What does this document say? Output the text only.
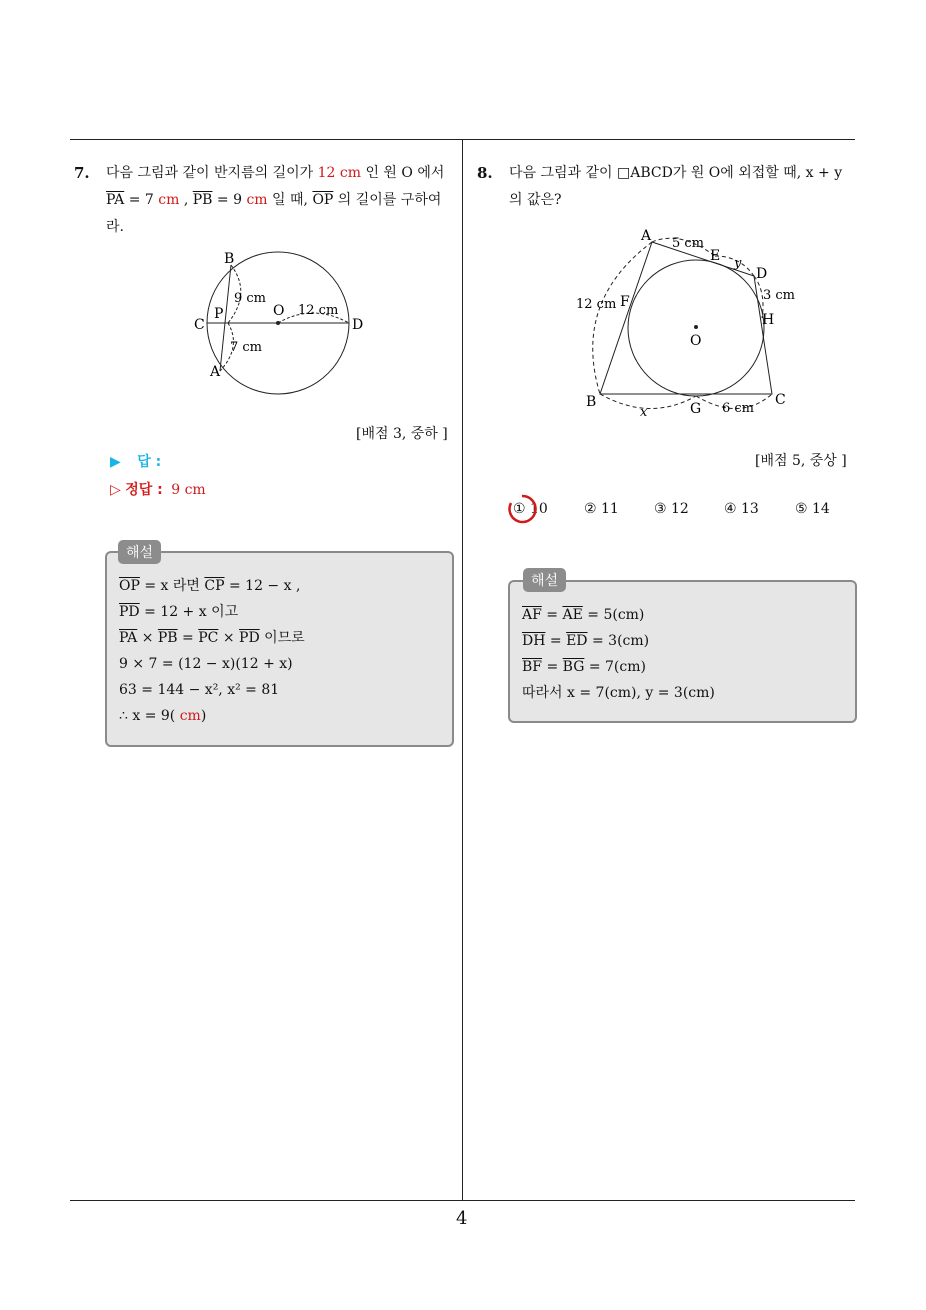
7. 다음 그림과 같이 반지름의 길이가 12 cm 인 원 O 에서
$\overline{PA} = 7$ cm , $\overline{PB} = 9$ cm 일 때, $\overline{OP}$ 의 길이를 구하여
라.
B
C
P	O
D
A
9 cm
12 cm
7 cm
[배점 3, 중하 ]
▶ 답 :
▷ 정답 : 9 cm
$\overline{OP} = x$ 라면 $\overline{CP} = 12 - x$ ,
$\overline{PD} = 12 + x$ 이고
$\overline{PA} \times \overline{PB} = \overline{PC} \times \overline{PD}$ 이므로
9 × 7 = (12 − x)(12 + x)
63 = 144 − x², x² = 81
∴ x = 9( cm)
해설
8. 다음 그림과 같이 □ABCD가 원 O에 외접할 때, x + y
의 값은?
A
D
B	C
E
F
G
H
O
5 cm
12 cm
3 cm
6 cm
x
y
[배점 5, 중상 ]
① 10	② 11	③ 12	④ 13	⑤ 14
$\overline{AF} = \overline{AE} = 5(cm)$
$\overline{DH} = \overline{ED} = 3(cm)$
$\overline{BF} = \overline{BG} = 7(cm)$
따라서 x = 7(cm), y = 3(cm)
해설
4
